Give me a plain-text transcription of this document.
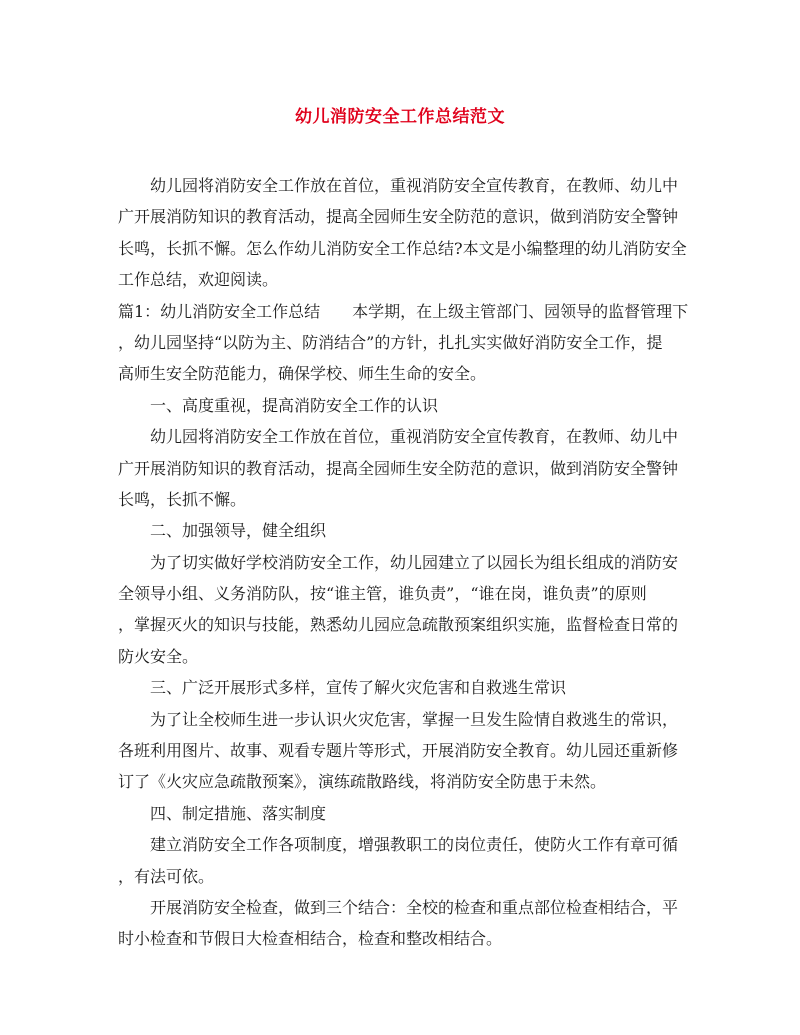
幼儿消防安全工作总结范文
幼儿园将消防安全工作放在首位，重视消防安全宣传教育，在教师、幼儿中
广开展消防知识的教育活动，提高全园师生安全防范的意识，做到消防安全警钟
长鸣，长抓不懈。怎么作幼儿消防安全工作总结?本文是小编整理的幼儿消防安全
工作总结，欢迎阅读。
篇1：幼儿消防安全工作总结　　本学期，在上级主管部门、园领导的监督管理下
，幼儿园坚持“以防为主、防消结合”的方针，扎扎实实做好消防安全工作，提
高师生安全防范能力，确保学校、师生生命的安全。
一、高度重视，提高消防安全工作的认识
幼儿园将消防安全工作放在首位，重视消防安全宣传教育，在教师、幼儿中
广开展消防知识的教育活动，提高全园师生安全防范的意识，做到消防安全警钟
长鸣，长抓不懈。
二、加强领导，健全组织
为了切实做好学校消防安全工作，幼儿园建立了以园长为组长组成的消防安
全领导小组、义务消防队，按“谁主管，谁负责”，“谁在岗，谁负责”的原则
，掌握灭火的知识与技能，熟悉幼儿园应急疏散预案组织实施，监督检查日常的
防火安全。
三、广泛开展形式多样，宣传了解火灾危害和自救逃生常识
为了让全校师生进一步认识火灾危害，掌握一旦发生险情自救逃生的常识，
各班利用图片、故事、观看专题片等形式，开展消防安全教育。幼儿园还重新修
订了《火灾应急疏散预案》，演练疏散路线，将消防安全防患于未然。
四、制定措施、落实制度
建立消防安全工作各项制度，增强教职工的岗位责任，使防火工作有章可循
，有法可依。
开展消防安全检查，做到三个结合：全校的检查和重点部位检查相结合，平
时小检查和节假日大检查相结合，检查和整改相结合。
